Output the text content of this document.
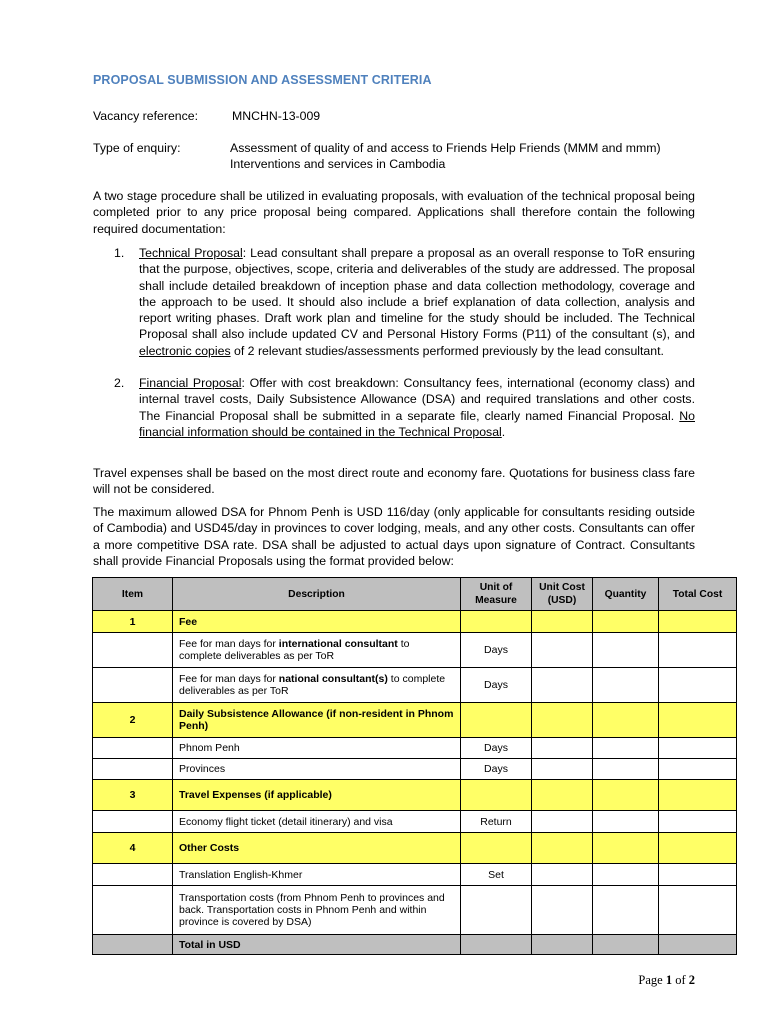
PROPOSAL SUBMISSION AND ASSESSMENT CRITERIA
Vacancy reference:	MNCHN-13-009
Type of enquiry:	Assessment of quality of and access to Friends Help Friends (MMM and mmm)
Interventions and services in Cambodia
A two stage procedure shall be utilized in evaluating proposals, with evaluation of the technical proposal being completed prior to any price proposal being compared. Applications shall therefore contain the following required documentation:
1. Technical Proposal: Lead consultant shall prepare a proposal as an overall response to ToR ensuring that the purpose, objectives, scope, criteria and deliverables of the study are addressed. The proposal shall include detailed breakdown of inception phase and data collection methodology, coverage and the approach to be used. It should also include a brief explanation of data collection, analysis and report writing phases. Draft work plan and timeline for the study should be included. The Technical Proposal shall also include updated CV and Personal History Forms (P11) of the consultant (s), and electronic copies of 2 relevant studies/assessments performed previously by the lead consultant.
2. Financial Proposal: Offer with cost breakdown: Consultancy fees, international (economy class) and internal travel costs, Daily Subsistence Allowance (DSA) and required translations and other costs. The Financial Proposal shall be submitted in a separate file, clearly named Financial Proposal. No financial information should be contained in the Technical Proposal.
Travel expenses shall be based on the most direct route and economy fare. Quotations for business class fare will not be considered.
The maximum allowed DSA for Phnom Penh is USD 116/day (only applicable for consultants residing outside of Cambodia) and USD45/day in provinces to cover lodging, meals, and any other costs. Consultants can offer a more competitive DSA rate. DSA shall be adjusted to actual days upon signature of Contract. Consultants shall provide Financial Proposals using the format provided below:
Item	Description	Unit of Measure	Unit Cost (USD)	Quantity	Total Cost
1	Fee				
	Fee for man days for international consultant to complete deliverables as per ToR	Days			
	Fee for man days for national consultant(s) to complete deliverables as per ToR	Days			
2	Daily Subsistence Allowance (if non-resident in Phnom Penh)				
	Phnom Penh	Days			
	Provinces	Days			
3	Travel Expenses (if applicable)				
	Economy flight ticket (detail itinerary) and visa	Return			
4	Other Costs				
	Translation English-Khmer	Set			
	Transportation costs (from Phnom Penh to provinces and back. Transportation costs in Phnom Penh and within province is covered by DSA)				
	Total in USD				
Page 1 of 2
